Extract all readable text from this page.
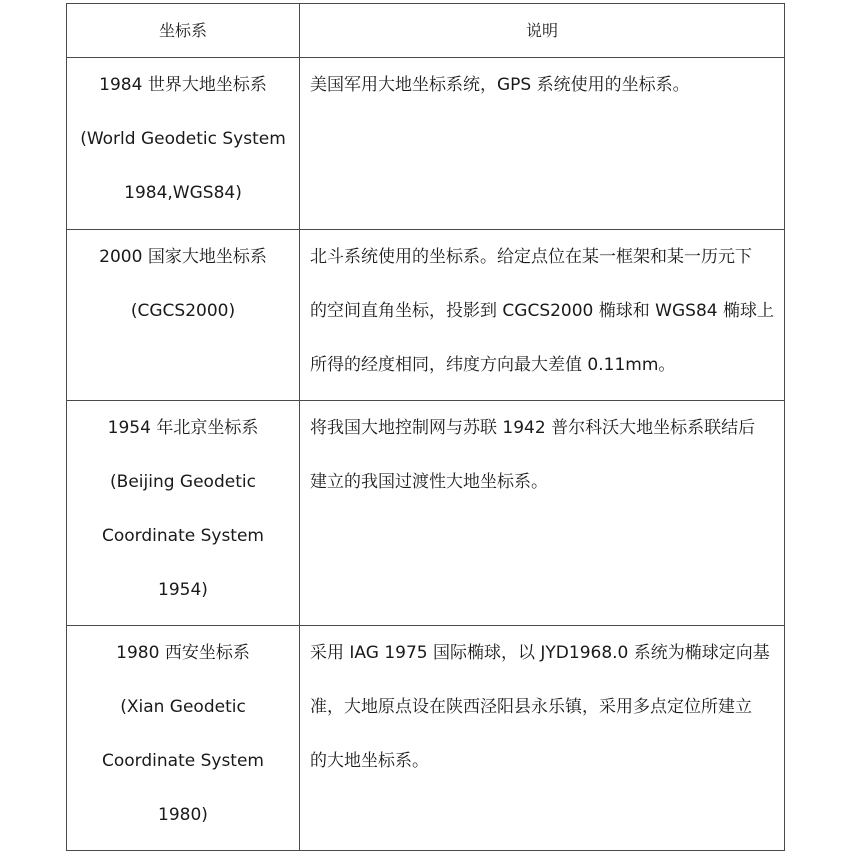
坐标系	说明

1984 世界大地坐标系
(World Geodetic System
1984,WGS84)	美国军用大地坐标系统，GPS 系统使用的坐标系。

2000 国家大地坐标系
(CGCS2000)	北斗系统使用的坐标系。给定点位在某一框架和某一历元下
的空间直角坐标，投影到 CGCS2000 椭球和 WGS84 椭球上
所得的经度相同，纬度方向最大差值 0.11mm。

1954 年北京坐标系
(Beijing Geodetic
Coordinate System
1954)	将我国大地控制网与苏联 1942 普尔科沃大地坐标系联结后
建立的我国过渡性大地坐标系。

1980 西安坐标系
(Xian Geodetic
Coordinate System
1980)	采用 IAG 1975 国际椭球，以 JYD1968.0 系统为椭球定向基
准，大地原点设在陕西泾阳县永乐镇，采用多点定位所建立
的大地坐标系。
